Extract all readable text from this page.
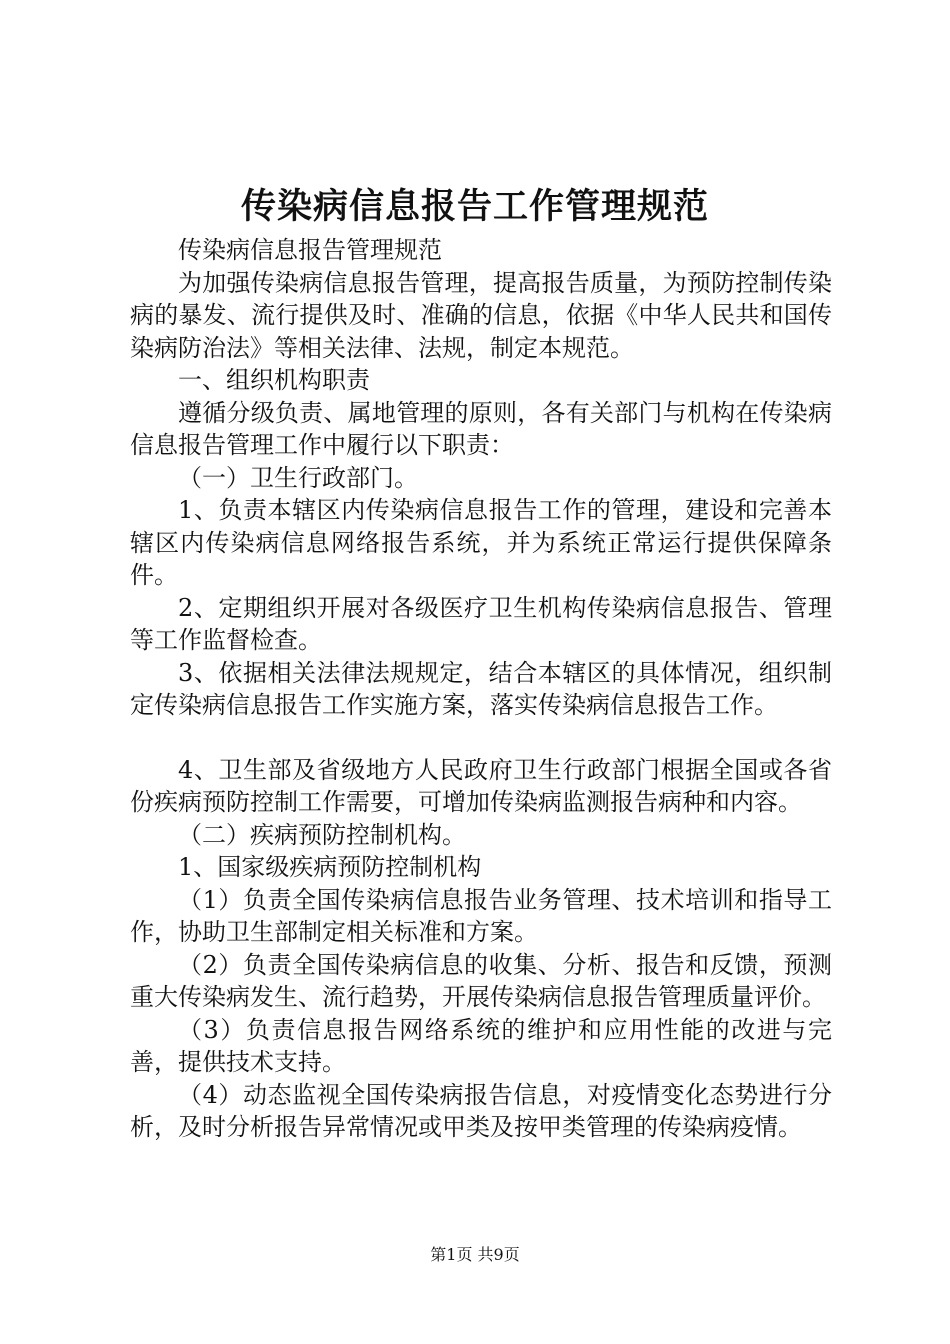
传染病信息报告工作管理规范

传染病信息报告管理规范

为加强传染病信息报告管理，提高报告质量，为预防控制传染病的暴发、流行提供及时、准确的信息，依据《中华人民共和国传染病防治法》等相关法律、法规，制定本规范。

一、组织机构职责

遵循分级负责、属地管理的原则，各有关部门与机构在传染病信息报告管理工作中履行以下职责：

（一）卫生行政部门。

1、负责本辖区内传染病信息报告工作的管理，建设和完善本辖区内传染病信息网络报告系统，并为系统正常运行提供保障条件。

2、定期组织开展对各级医疗卫生机构传染病信息报告、管理等工作监督检查。

3、依据相关法律法规规定，结合本辖区的具体情况，组织制定传染病信息报告工作实施方案，落实传染病信息报告工作。

4、卫生部及省级地方人民政府卫生行政部门根据全国或各省份疾病预防控制工作需要，可增加传染病监测报告病种和内容。

（二）疾病预防控制机构。

1、国家级疾病预防控制机构

（1）负责全国传染病信息报告业务管理、技术培训和指导工作，协助卫生部制定相关标准和方案。

（2）负责全国传染病信息的收集、分析、报告和反馈，预测重大传染病发生、流行趋势，开展传染病信息报告管理质量评价。

（3）负责信息报告网络系统的维护和应用性能的改进与完善，提供技术支持。

（4）动态监视全国传染病报告信息，对疫情变化态势进行分析，及时分析报告异常情况或甲类及按甲类管理的传染病疫情。

第1页 共9页
